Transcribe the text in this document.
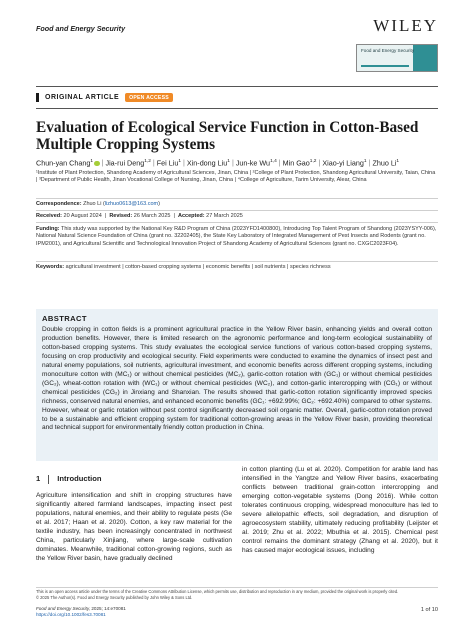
Food and Energy Security	WILEY
Food and Energy Security
ORIGINAL ARTICLE	OPEN ACCESS
Evaluation of Ecological Service Function in Cotton-Based Multiple Cropping Systems
Chun-yan Chang$^1$ | Jia-rui Deng$^{1,2}$ | Fei Liu$^1$ | Xin-dong Liu$^1$ | Jun-ke Wu$^{1,4}$ | Min Gao$^{1,2}$ | Xiao-yi Liang$^1$ | Zhuo Li$^1$
¹Institute of Plant Protection, Shandong Academy of Agricultural Sciences, Jinan, China | ²College of Plant Protection, Shandong Agricultural University, Taian, China | ³Department of Public Health, Jinan Vocational College of Nursing, Jinan, China | ⁴College of Agriculture, Tarim University, Alear, China
Correspondence: Zhuo Li (lizhuo0613@163.com)
Received: 20 August 2024  |  Revised: 26 March 2025  |  Accepted: 27 March 2025
Funding: This study was supported by the National Key R&D Program of China (2023YFD1400800), Introducing Top Talent Program of Shandong (2023YSYY-006), National Natural Science Foundation of China (grant no. 32202405), the State Key Laboratory of Integrated Management of Pest Insects and Rodents (grant no. IPM2001), and Agricultural Scientific and Technological Innovation Project of Shandong Academy of Agricultural Sciences (grant no. CXGC2023F04).
Keywords: agricultural investment | cotton-based cropping systems | economic benefits | soil nutrients | species richness
ABSTRACT
Double cropping in cotton fields is a prominent agricultural practice in the Yellow River basin, enhancing yields and overall cotton production benefits. However, there is limited research on the agronomic performance and long-term ecological sustainability of cotton-based cropping systems. This study evaluates the ecological service functions of various cotton-based cropping systems, focusing on crop productivity and ecological security. Field experiments were conducted to examine the dynamics of insect pest and natural enemy populations, soil nutrients, agricultural investment, and economic benefits across different cropping systems, including monoculture cotton with (MC₁) or without chemical pesticides (MC₂), garlic-cotton rotation with (GC₁) or without chemical pesticides (GC₂), wheat-cotton rotation with (WC₁) or without chemical pesticides (WC₂), and cotton-garlic intercropping with (CG₁) or without chemical pesticides (CG₂) in Jinxiang and Shanxian. The results showed that garlic-cotton rotation significantly improved species richness, conserved natural enemies, and enhanced economic benefits (GC₁: +692.99%; GC₂: +692.40%) compared to other systems. However, wheat or garlic rotation without pest control significantly decreased soil organic matter. Overall, garlic-cotton rotation proved to be a sustainable and efficient cropping system for traditional cotton-growing areas in the Yellow River basin, providing theoretical and technical support for environmentally friendly cotton production in China.
1 Introduction

Agriculture intensification and shift in cropping structures have significantly altered farmland landscapes, impacting insect pest populations, natural enemies, and their ability to regulate pests (Ge et al. 2017; Haan et al. 2020). Cotton, a key raw material for the textile industry, has been increasingly concentrated in northwest China, particularly Xinjiang, where large-scale cultivation dominates. Meanwhile, traditional cotton-growing regions, such as the Yellow River basin, have gradually declined

in cotton planting (Lu et al. 2020). Competition for arable land has intensified in the Yangtze and Yellow River basins, exacerbating conflicts between traditional grain-cotton intercropping and emerging cotton-vegetable systems (Dong 2016). While cotton tolerates continuous cropping, widespread monoculture has led to severe allelopathic effects, soil degradation, and disruption of agroecosystem stability, ultimately reducing profitability (Leijster et al. 2019; Zhu et al. 2022; Mbuthia et al. 2015). Chemical pest control remains the dominant strategy (Zhang et al. 2020), but it has caused major ecological issues, including

This is an open access article under the terms of the Creative Commons Attribution License, which permits use, distribution and reproduction in any medium, provided the original work is properly cited.
© 2025 The Author(s). Food and Energy Security published by John Wiley & Sons Ltd.
Food and Energy Security, 2025; 14:e70081
https://doi.org/10.1002/fes3.70081
1 of 10
